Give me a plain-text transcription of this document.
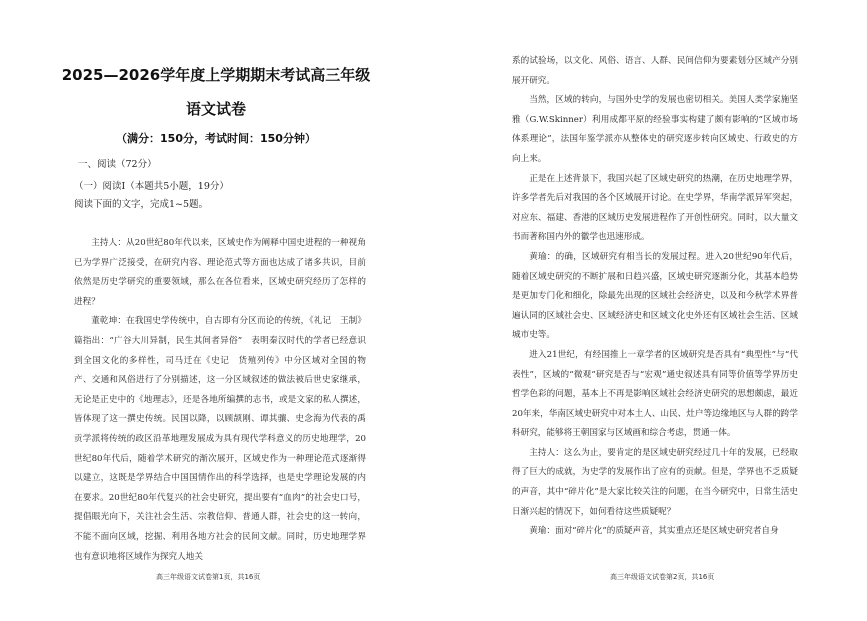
2025—2026学年度上学期期末考试高三年级
语文试卷
（满分：150分，考试时间：150分钟）
一、阅读（72分）
（一）阅读Ⅰ（本题共5小题，19分）
阅读下面的文字，完成1~5题。

主持人：从20世纪80年代以来，区域史作为阐释中国史进程的一种视角已为学界广泛接受，在研究内容、理论范式等方面也达成了诸多共识，目前依然是历史学研究的重要领域，那么在各位看来，区域史研究经历了怎样的进程？

董乾坤：在我国史学传统中，自古即有分区而论的传统，《礼记　王制》篇指出：“广谷大川异制，民生其间者异俗”　表明秦汉时代的学者已经意识到全国文化的多样性，司马迁在《史记　货殖列传》中分区域对全国的物产、交通和风俗进行了分别描述，这一分区域叙述的做法被后世史家继承，无论是正史中的《地理志》，还是各地所编撰的志书，或是文家的私人撰述，皆体现了这一撰史传统。民国以降，以顾颉刚、谭其骧、史念海为代表的禹贡学派将传统的政区沿革地理发展成为具有现代学科意义的历史地理学，20世纪80年代后，随着学术研究的渐次展开，区域史作为一种理论范式逐渐得以建立，这既是学界结合中国国情作出的科学选择，也是史学理论发展的内在要求。20世纪80年代复兴的社会史研究，提出要有“血肉”的社会史口号，提倡眼光向下，关注社会生活、宗教信仰、普通人群，社会史的这一转向，不能不面向区域，挖掘、利用各地方社会的民间文献。同时，历史地理学界也有意识地将区域作为探究人地关

高三年级语文试卷第1页，共16页

系的试验场，以文化、风俗、语言、人群、民间信仰为要素划分区域产分别展开研究。

当然，区域的转向，与国外史学的发展也密切相关。美国人类学家施坚雅（G.W.Skinner）利用成都平原的经验事实构建了颇有影响的“区域市场体系理论”，法国年鉴学派亦从整体史的研究逐步转向区域史、行政史的方向上来。

正是在上述背景下，我国兴起了区域史研究的热潮，在历史地理学界，许多学者先后对我国的各个区域展开讨论。在史学界，华南学派异军突起，对应东、福建、香港的区域历史发展进程作了开创性研究。同时，以大量文书而著称国内外的徽学也迅速形成。

黄瑜：的确，区域研究有相当长的发展过程。进入20世纪90年代后，随着区域史研究的不断扩展和日趋兴盛，区域史研究逐渐分化，其基本趋势是更加专门化和细化，除最先出现的区域社会经济史，以及和今秋学术界普遍认同的区域社会史、区域经济史和区域文化史外还有区域社会生活、区域城市史等。

进入21世纪，有经国推上一章学者的区域研究是否具有“典型性”与“代表性”，区域的“微观”研究是否与“宏观”通史叙述具有同等价值等学界历史哲学色彩的问题，基本上不再是影响区域社会经济史研究的思想颇虑，最近20年来，华南区域史研究中对本土人、山民、灶户等边缘地区与人群的跨学科研究，能够将王朝国家与区域画和综合考虑，贯通一体。

主持人：这么为止，要肯定的是区域史研究经过几十年的发展，已经取得了巨大的成就，为史学的发展作出了应有的贡献。但是，学界也不乏质疑的声音，其中“碎片化”是大家比较关注的问题，在当今研究中，日常生活史日渐兴起的情况下，如何看待这些质疑呢？

黄瑜：面对“碎片化”的质疑声音，其实重点还是区域史研究者自身

高三年级语文试卷第2页，共16页
